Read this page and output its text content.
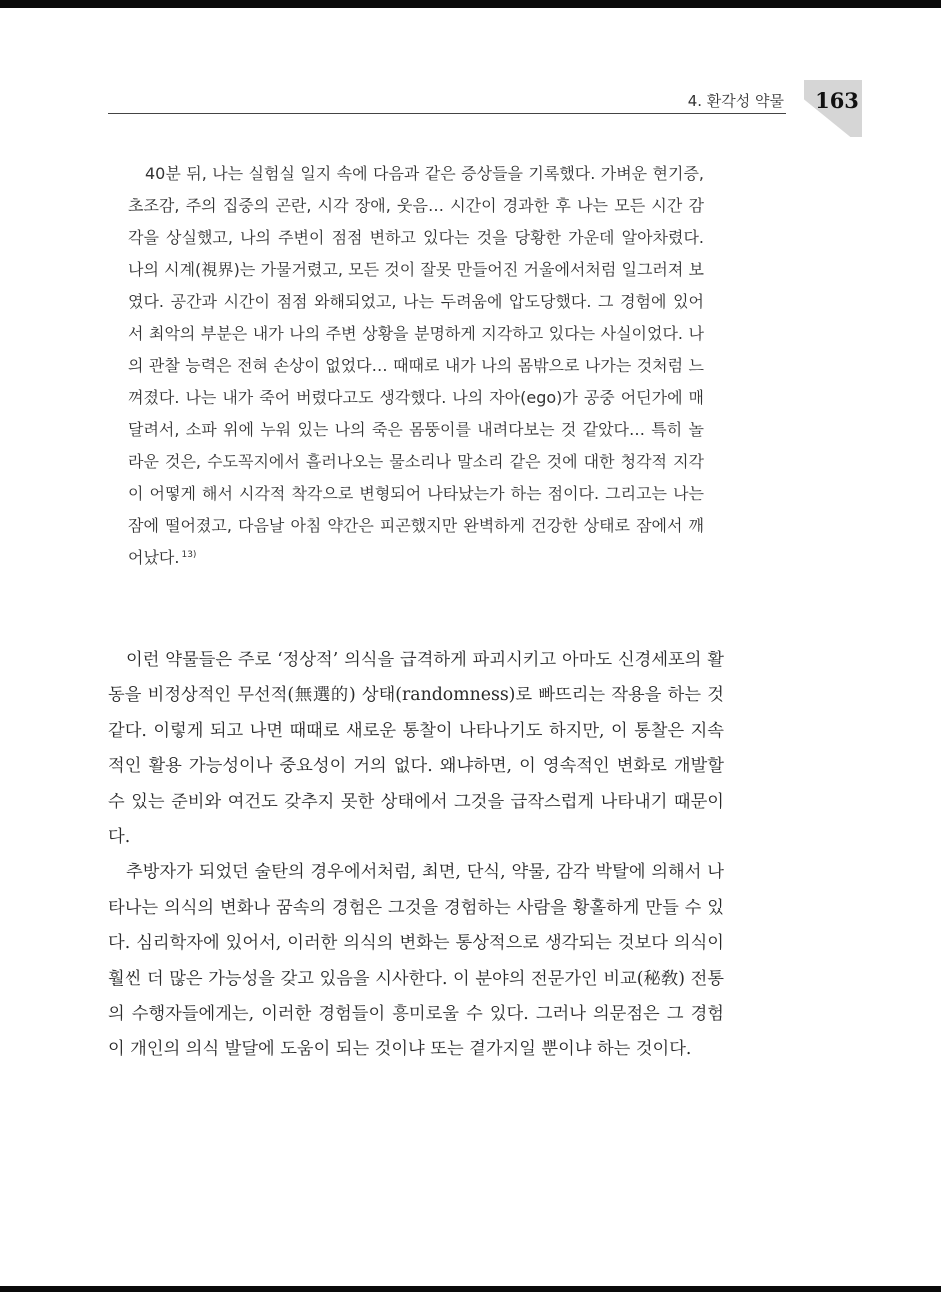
4. 환각성 약물 163
40분 뒤, 나는 실험실 일지 속에 다음과 같은 증상들을 기록했다. 가벼운 현기증, 초조감, 주의 집중의 곤란, 시각 장애, 웃음… 시간이 경과한 후 나는 모든 시간 감각을 상실했고, 나의 주변이 점점 변하고 있다는 것을 당황한 가운데 알아차렸다. 나의 시계(視界)는 가물거렸고, 모든 것이 잘못 만들어진 거울에서처럼 일그러져 보였다. 공간과 시간이 점점 와해되었고, 나는 두려움에 압도당했다. 그 경험에 있어서 최악의 부분은 내가 나의 주변 상황을 분명하게 지각하고 있다는 사실이었다. 나의 관찰 능력은 전혀 손상이 없었다… 때때로 내가 나의 몸밖으로 나가는 것처럼 느껴졌다. 나는 내가 죽어 버렸다고도 생각했다. 나의 자아(ego)가 공중 어딘가에 매달려서, 소파 위에 누워 있는 나의 죽은 몸뚱이를 내려다보는 것 같았다… 특히 놀라운 것은, 수도꼭지에서 흘러나오는 물소리나 말소리 같은 것에 대한 청각적 지각이 어떻게 해서 시각적 착각으로 변형되어 나타났는가 하는 점이다. 그리고는 나는 잠에 떨어졌고, 다음날 아침 약간은 피곤했지만 완벽하게 건강한 상태로 잠에서 깨어났다. $^{13)}$

이런 약물들은 주로 ‘정상적’ 의식을 급격하게 파괴시키고 아마도 신경세포의 활동을 비정상적인 무선적(無選的) 상태(randomness)로 빠뜨리는 작용을 하는 것 같다. 이렇게 되고 나면 때때로 새로운 통찰이 나타나기도 하지만, 이 통찰은 지속적인 활용 가능성이나 중요성이 거의 없다. 왜냐하면, 이 영속적인 변화로 개발할 수 있는 준비와 여건도 갖추지 못한 상태에서 그것을 급작스럽게 나타내기 때문이다.

추방자가 되었던 술탄의 경우에서처럼, 최면, 단식, 약물, 감각 박탈에 의해서 나타나는 의식의 변화나 꿈속의 경험은 그것을 경험하는 사람을 황홀하게 만들 수 있다. 심리학자에 있어서, 이러한 의식의 변화는 통상적으로 생각되는 것보다 의식이 훨씬 더 많은 가능성을 갖고 있음을 시사한다. 이 분야의 전문가인 비교(秘敎) 전통의 수행자들에게는, 이러한 경험들이 흥미로울 수 있다. 그러나 의문점은 그 경험이 개인의 의식 발달에 도움이 되는 것이냐 또는 곁가지일 뿐이냐 하는 것이다.
